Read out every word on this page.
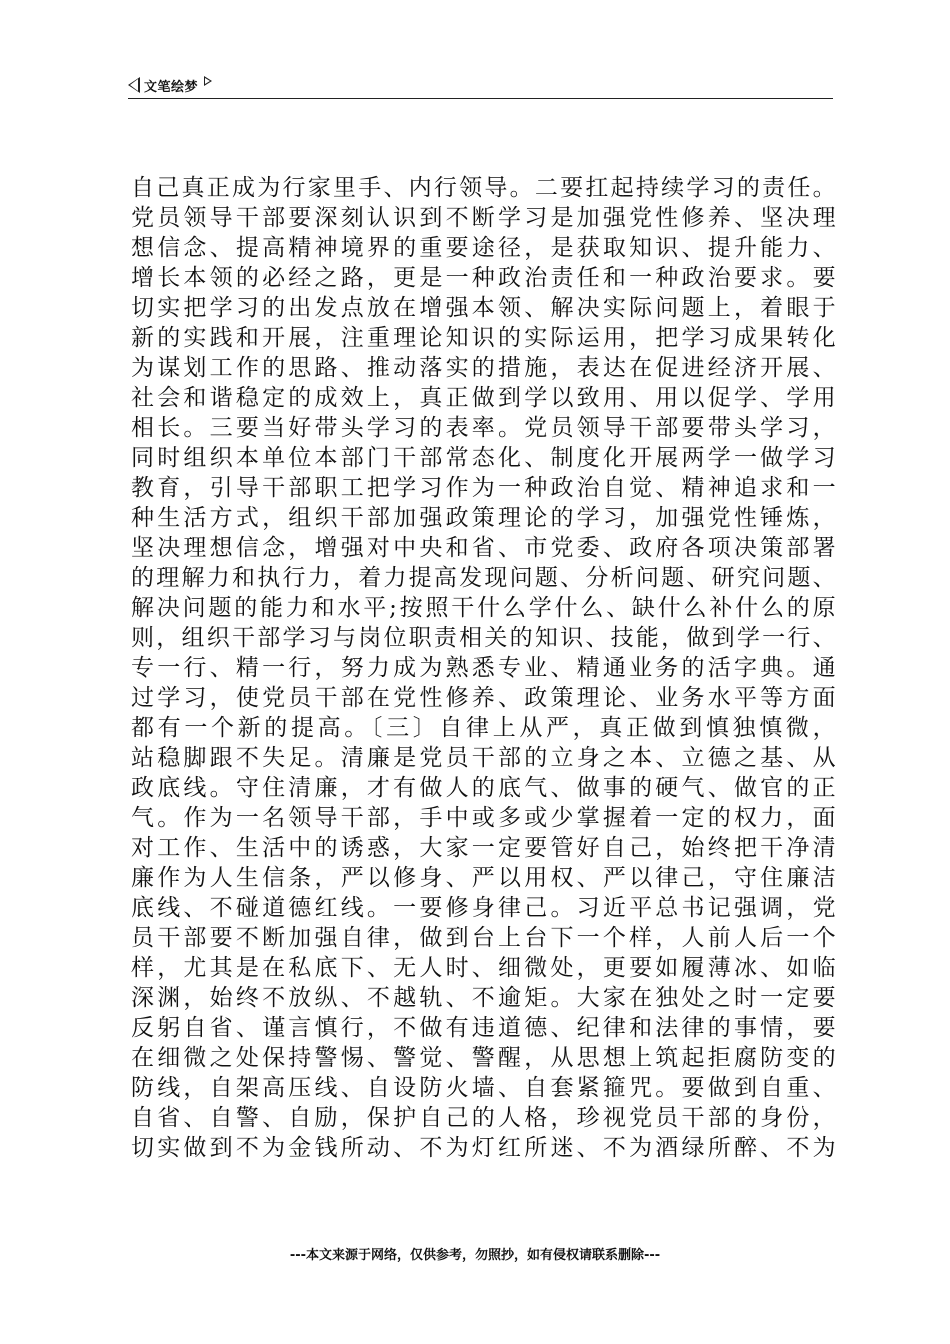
文笔绘梦
自己真正成为行家里手、内行领导。二要扛起持续学习的责任。
党员领导干部要深刻认识到不断学习是加强党性修养、坚决理
想信念、提高精神境界的重要途径，是获取知识、提升能力、
增长本领的必经之路，更是一种政治责任和一种政治要求。要
切实把学习的出发点放在增强本领、解决实际问题上，着眼于
新的实践和开展，注重理论知识的实际运用，把学习成果转化
为谋划工作的思路、推动落实的措施，表达在促进经济开展、
社会和谐稳定的成效上，真正做到学以致用、用以促学、学用
相长。三要当好带头学习的表率。党员领导干部要带头学习，
同时组织本单位本部门干部常态化、制度化开展两学一做学习
教育，引导干部职工把学习作为一种政治自觉、精神追求和一
种生活方式，组织干部加强政策理论的学习，加强党性锤炼，
坚决理想信念，增强对中央和省、市党委、政府各项决策部署
的理解力和执行力，着力提高发现问题、分析问题、研究问题、
解决问题的能力和水平;按照干什么学什么、缺什么补什么的原
则，组织干部学习与岗位职责相关的知识、技能，做到学一行、
专一行、精一行，努力成为熟悉专业、精通业务的活字典。通
过学习，使党员干部在党性修养、政策理论、业务水平等方面
都有一个新的提高。〔三〕自律上从严，真正做到慎独慎微，
站稳脚跟不失足。清廉是党员干部的立身之本、立德之基、从
政底线。守住清廉，才有做人的底气、做事的硬气、做官的正
气。作为一名领导干部，手中或多或少掌握着一定的权力，面
对工作、生活中的诱惑，大家一定要管好自己，始终把干净清
廉作为人生信条，严以修身、严以用权、严以律己，守住廉洁
底线、不碰道德红线。一要修身律己。习近平总书记强调，党
员干部要不断加强自律，做到台上台下一个样，人前人后一个
样，尤其是在私底下、无人时、细微处，更要如履薄冰、如临
深渊，始终不放纵、不越轨、不逾矩。大家在独处之时一定要
反躬自省、谨言慎行，不做有违道德、纪律和法律的事情，要
在细微之处保持警惕、警觉、警醒，从思想上筑起拒腐防变的
防线，自架高压线、自设防火墙、自套紧箍咒。要做到自重、
自省、自警、自励，保护自己的人格，珍视党员干部的身份，
切实做到不为金钱所动、不为灯红所迷、不为酒绿所醉、不为
---本文来源于网络，仅供参考，勿照抄，如有侵权请联系删除---
